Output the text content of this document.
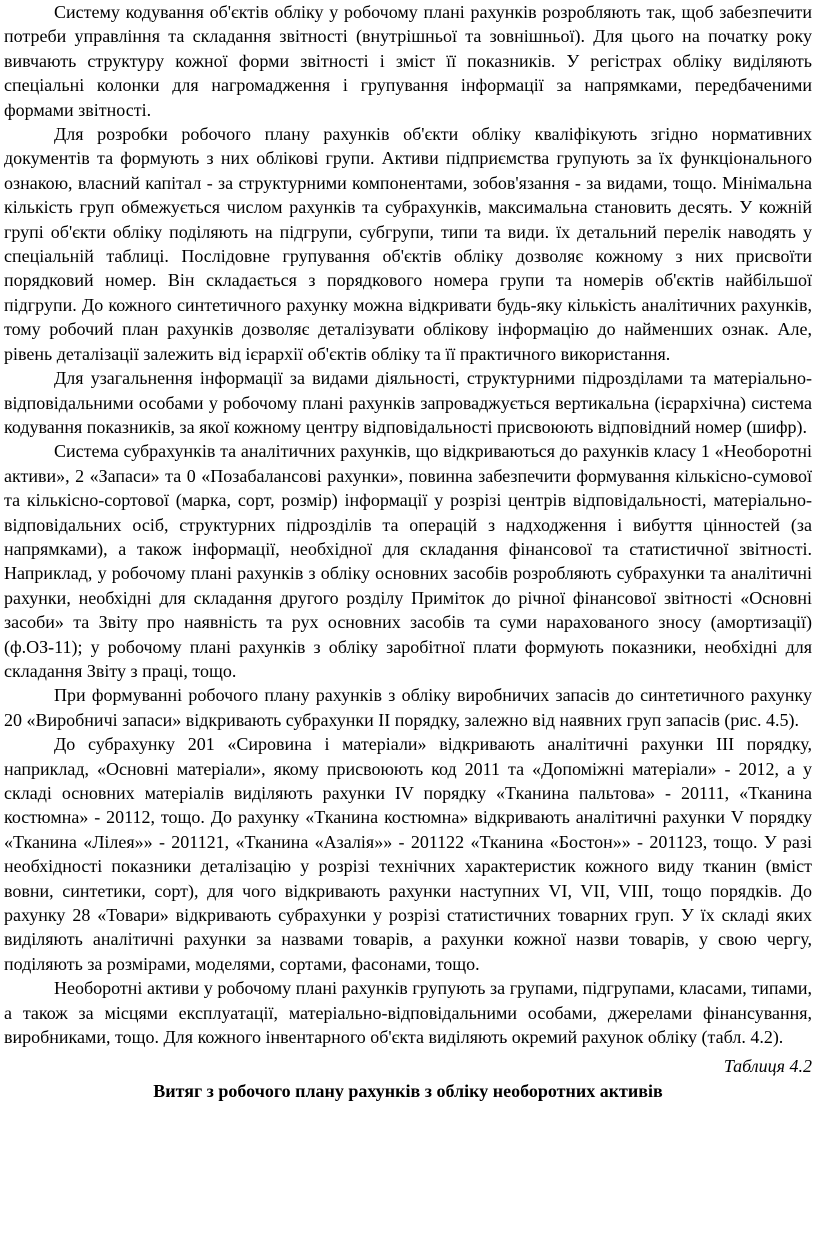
Систему кодування об'єктів обліку у робочому плані рахунків розробляють так, щоб забезпечити потреби управління та складання звітності (внутрішньої та зовнішньої). Для цього на початку року вивчають структуру кожної форми звітності і зміст її показників. У регістрах обліку виділяють спеціальні колонки для нагромадження і групування інформації за напрямками, передбаченими формами звітності.

Для розробки робочого плану рахунків об'єкти обліку кваліфікують згідно нормативних документів та формують з них облікові групи. Активи підприємства групують за їх функціонального ознакою, власний капітал - за структурними компонентами, зобов'язання - за видами, тощо. Мінімальна кількість груп обмежується числом рахунків та субрахунків, максимальна становить десять. У кожній групі об'єкти обліку поділяють на підгрупи, субгрупи, типи та види. їх детальний перелік наводять у спеціальній таблиці. Послідовне групування об'єктів обліку дозволяє кожному з них присвоїти порядковий номер. Він складається з порядкового номера групи та номерів об'єктів найбільшої підгрупи. До кожного синтетичного рахунку можна відкривати будь-яку кількість аналітичних рахунків, тому робочий план рахунків дозволяє деталізувати облікову інформацію до найменших ознак. Але, рівень деталізації залежить від ієрархії об'єктів обліку та її практичного використання.

Для узагальнення інформації за видами діяльності, структурними підрозділами та матеріально-відповідальними особами у робочому плані рахунків запроваджується вертикальна (ієрархічна) система кодування показників, за якої кожному центру відповідальності присвоюють відповідний номер (шифр).

Система субрахунків та аналітичних рахунків, що відкриваються до рахунків класу 1 «Необоротні активи», 2 «Запаси» та 0 «Позабалансові рахунки», повинна забезпечити формування кількісно-сумової та кількісно-сортової (марка, сорт, розмір) інформації у розрізі центрів відповідальності, матеріально-відповідальних осіб, структурних підрозділів та операцій з надходження і вибуття цінностей (за напрямками), а також інформації, необхідної для складання фінансової та статистичної звітності. Наприклад, у робочому плані рахунків з обліку основних засобів розробляють субрахунки та аналітичні рахунки, необхідні для складання другого розділу Приміток до річної фінансової звітності «Основні засоби» та Звіту про наявність та рух основних засобів та суми нарахованого зносу (амортизації) (ф.ОЗ-11); у робочому плані рахунків з обліку заробітної плати формують показники, необхідні для складання Звіту з праці, тощо.

При формуванні робочого плану рахунків з обліку виробничих запасів до синтетичного рахунку 20 «Виробничі запаси» відкривають субрахунки II порядку, залежно від наявних груп запасів (рис. 4.5).

До субрахунку 201 «Сировина і матеріали» відкривають аналітичні рахунки III порядку, наприклад, «Основні матеріали», якому присвоюють код 2011 та «Допоміжні матеріали» - 2012, а у складі основних матеріалів виділяють рахунки IV порядку «Тканина пальтова» - 20111, «Тканина костюмна» - 20112, тощо. До рахунку «Тканина костюмна» відкривають аналітичні рахунки V порядку «Тканина «Лілея»» - 201121, «Тканина «Азалія»» - 201122 «Тканина «Бостон»» - 201123, тощо. У разі необхідності показники деталізацію у розрізі технічних характеристик кожного виду тканин (вміст вовни, синтетики, сорт), для чого відкривають рахунки наступних VI, VII, VIII, тощо порядків. До рахунку 28 «Товари» відкривають субрахунки у розрізі статистичних товарних груп. У їх складі яких виділяють аналітичні рахунки за назвами товарів, а рахунки кожної назви товарів, у свою чергу, поділяють за розмірами, моделями, сортами, фасонами, тощо.

Необоротні активи у робочому плані рахунків групують за групами, підгрупами, класами, типами, а також за місцями експлуатації, матеріально-відповідальними особами, джерелами фінансування, виробниками, тощо. Для кожного інвентарного об'єкта виділяють окремий рахунок обліку (табл. 4.2).

Таблиця 4.2

Витяг з робочого плану рахунків з обліку необоротних активів
